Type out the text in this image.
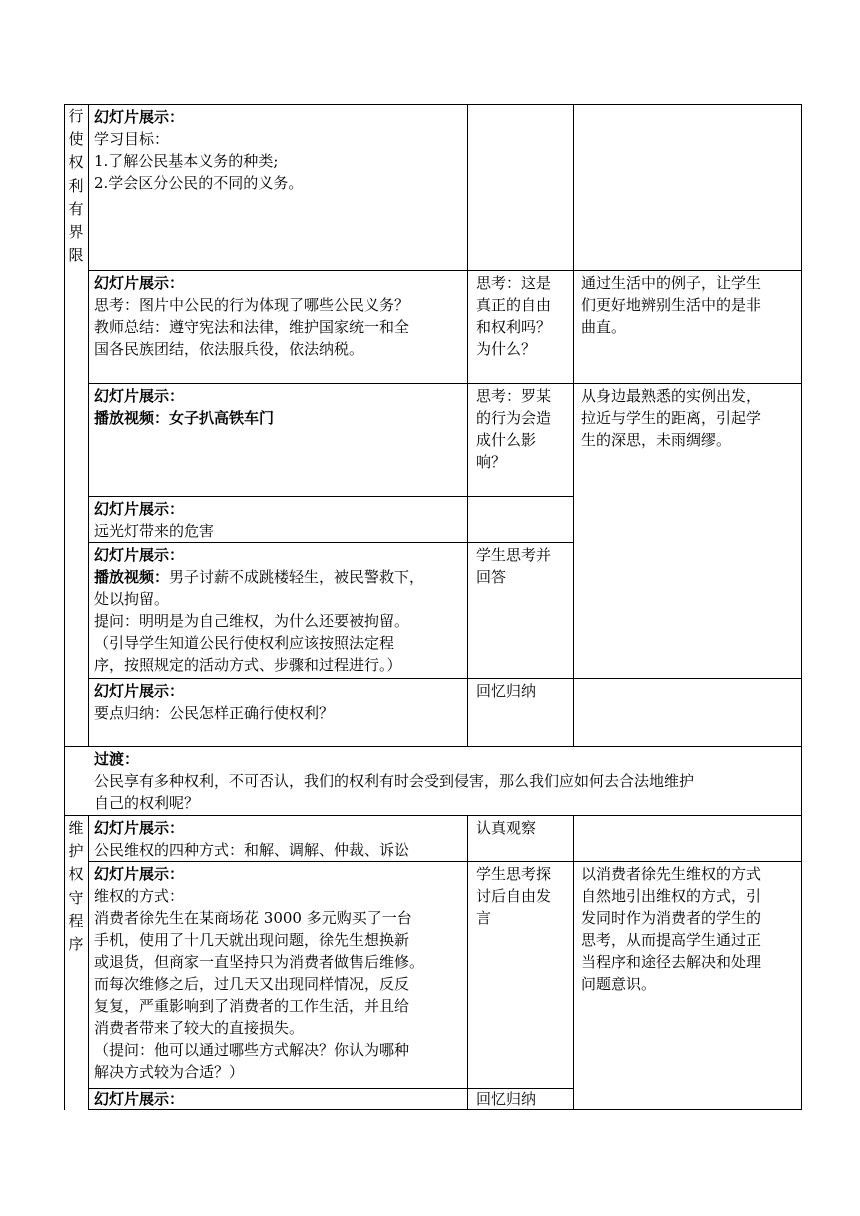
行使权利有界限
维护权守程序
幻灯片展示：
学习目标：
1.了解公民基本义务的种类;
2.学会区分公民的不同的义务。
幻灯片展示：
思考：图片中公民的行为体现了哪些公民义务？
教师总结：遵守宪法和法律，维护国家统一和全
国各民族团结，依法服兵役，依法纳税。
思考：这是
真正的自由
和权利吗？
为什么？
通过生活中的例子，让学生
们更好地辨别生活中的是非
曲直。
幻灯片展示：
播放视频：女子扒高铁车门
思考：罗某
的行为会造
成什么影
响？
从身边最熟悉的实例出发，
拉近与学生的距离，引起学
生的深思，未雨绸缪。
幻灯片展示：
远光灯带来的危害
幻灯片展示：
播放视频：男子讨薪不成跳楼轻生，被民警救下，
处以拘留。
提问：明明是为自己维权，为什么还要被拘留。
（引导学生知道公民行使权利应该按照法定程
序，按照规定的活动方式、步骤和过程进行。）
学生思考并
回答
幻灯片展示：
要点归纳：公民怎样正确行使权利？
回忆归纳
过渡：
公民享有多种权利，不可否认，我们的权利有时会受到侵害，那么我们应如何去合法地维护
自己的权利呢？
幻灯片展示：
公民维权的四种方式：和解、调解、仲裁、诉讼
认真观察
幻灯片展示：
维权的方式：
消费者徐先生在某商场花 3000 多元购买了一台
手机，使用了十几天就出现问题，徐先生想换新
或退货，但商家一直坚持只为消费者做售后维修。
而每次维修之后，过几天又出现同样情况，反反
复复，严重影响到了消费者的工作生活，并且给
消费者带来了较大的直接损失。
（提问：他可以通过哪些方式解决？你认为哪种
解决方式较为合适？）
学生思考探
讨后自由发
言
以消费者徐先生维权的方式
自然地引出维权的方式，引
发同时作为消费者的学生的
思考，从而提高学生通过正
当程序和途径去解决和处理
问题意识。
幻灯片展示：	回忆归纳
